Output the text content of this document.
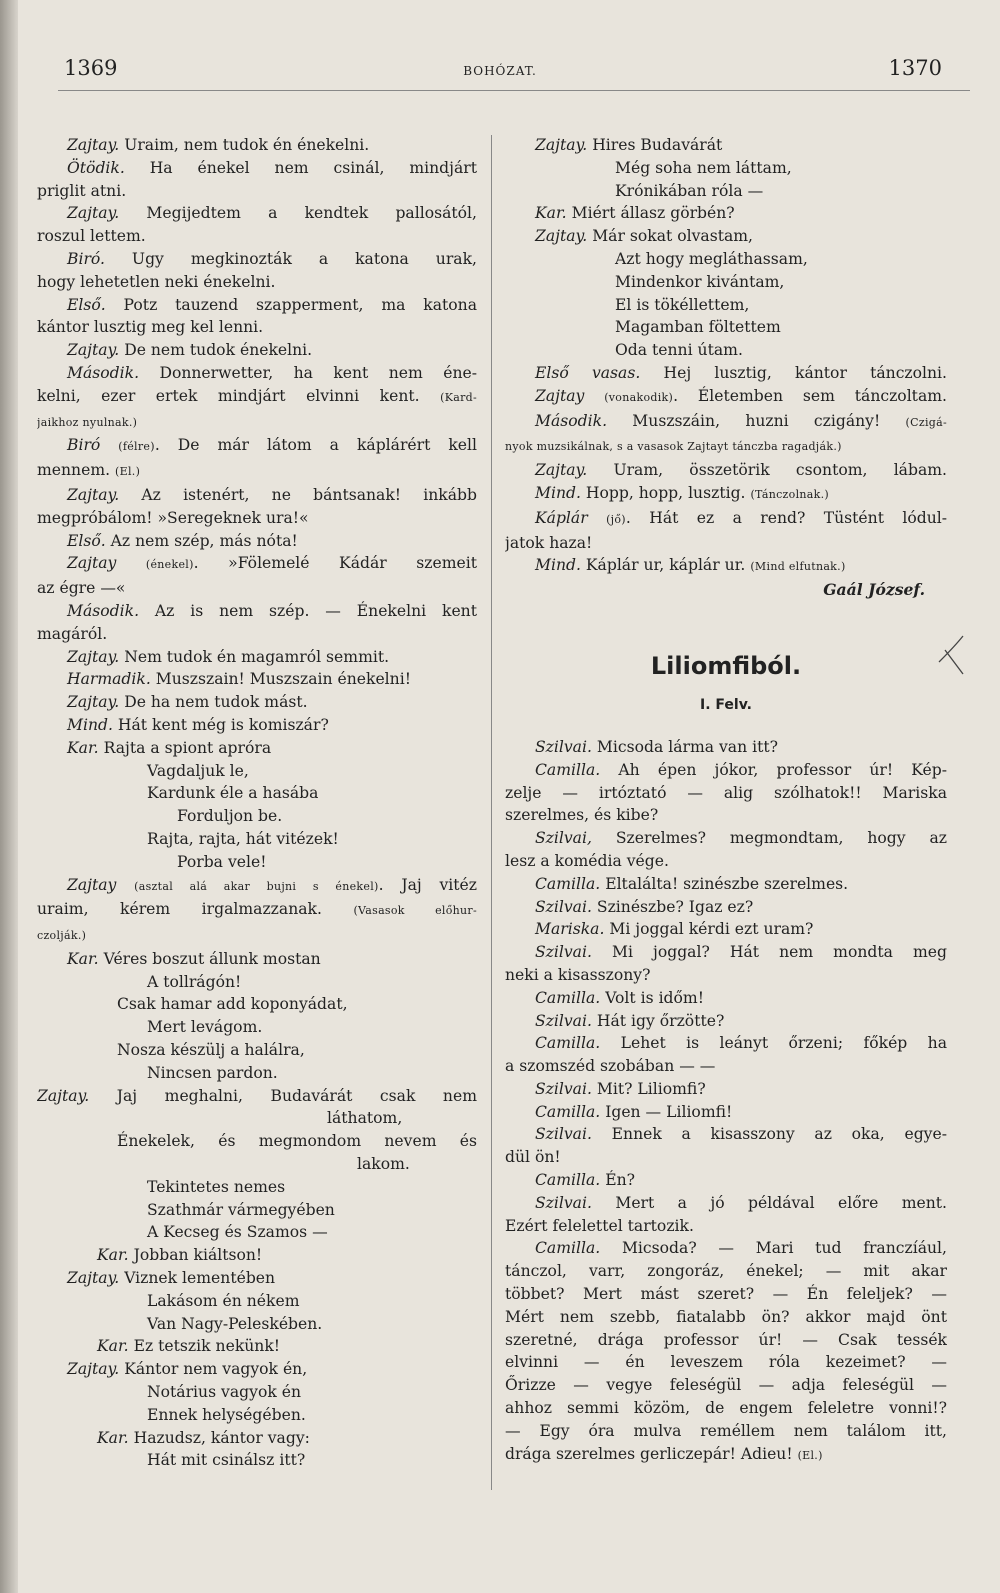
1369	BOHÓZAT.	1370
Zajtay. Uraim, nem tudok én énekelni.
Ötödik. Ha énekel nem csinál, mindjárt
priglit atni.
Zajtay. Megijedtem a kendtek pallosától,
roszul lettem.
Biró. Ugy megkinozták a katona urak,
hogy lehetetlen neki énekelni.
Első. Potz tauzend szapperment, ma katona
kántor lusztig meg kel lenni.
Zajtay. De nem tudok énekelni.
Második. Donnerwetter, ha kent nem éne-
kelni, ezer ertek mindjárt elvinni kent. (Kard-
jaikhoz nyulnak.)
Biró (félre). De már látom a káplárért kell
mennem. (El.)
Zajtay. Az istenért, ne bántsanak! inkább
megpróbálom! »Seregeknek ura!«
Első. Az nem szép, más nóta!
Zajtay	(énekel). »Fölemelé Kádár szemeit
az égre —«
Második. Az is nem szép. — Énekelni kent
magáról.
Zajtay. Nem tudok én magamról semmit.
Harmadik. Muszszain! Muszszain énekelni!
Zajtay. De ha nem tudok mást.
Mind. Hát kent még is komiszár?
Kar. Rajta a spiont apróra
Vagdaljuk le,
Kardunk éle a hasába
Forduljon be.
Rajta, rajta, hát vitézek!
Porba vele!
Zajtay (asztal alá akar bujni s énekel). Jaj vitéz
uraim, kérem irgalmazzanak. (Vasasok előhur-
czolják.)
Kar. Véres boszut állunk mostan
A tollrágón!
Csak hamar add koponyádat,
Mert levágom.
Nosza készülj a halálra,
Nincsen pardon.
Zajtay. Jaj meghalni, Budavárát csak nem
láthatom,
Énekelek, és megmondom nevem és
lakom.
Tekintetes nemes
Szathmár vármegyében
A Kecseg és Szamos —
Kar. Jobban kiáltson!
Zajtay. Viznek lementében
Lakásom én nékem
Van Nagy-Peleskében.
Kar. Ez tetszik nekünk!
Zajtay. Kántor nem vagyok én,
Notárius vagyok én
Ennek helységében.
Kar. Hazudsz, kántor vagy:
Hát mit csinálsz itt?
Zajtay. Hires Budavárát
Még soha nem láttam,
Krónikában róla —
Kar. Miért állasz görbén?
Zajtay. Már sokat olvastam,
Azt hogy megláthassam,
Mindenkor kivántam,
El is tökéllettem,
Magamban föltettem
Oda tenni útam.
Első vasas. Hej lusztig, kántor tánczolni.
Zajtay (vonakodik). Életemben sem tánczoltam.
Második. Muszszáin, huzni czigány! (Czigá-
nyok muzsikálnak, s a vasasok Zajtayt tánczba ragadják.)
Zajtay. Uram, összetörik csontom, lábam.
Mind. Hopp, hopp, lusztig. (Tánczolnak.)
Káplár (jő). Hát ez a rend? Tüstént lódul-
jatok haza!
Mind. Káplár ur, káplár ur. (Mind elfutnak.)
Gaál József.
Liliomfiból.
I. Felv.
Szilvai. Micsoda lárma van itt?
Camilla. Ah épen jókor, professor úr! Kép-
zelje — irtóztató — alig szólhatok!! Mariska
szerelmes, és kibe?
Szilvai, Szerelmes? megmondtam, hogy az
lesz a komédia vége.
Camilla. Eltalálta! szinészbe szerelmes.
Szilvai. Szinészbe? Igaz ez?
Mariska. Mi joggal kérdi ezt uram?
Szilvai. Mi joggal? Hát nem mondta meg
neki a kisasszony?
Camilla. Volt is időm!
Szilvai. Hát igy őrzötte?
Camilla. Lehet is leányt őrzeni; főkép ha
a szomszéd szobában — —
Szilvai. Mit? Liliomfi?
Camilla. Igen — Liliomfi!
Szilvai. Ennek a kisasszony az oka, egye-
dül ön!
Camilla. Én?
Szilvai. Mert a jó példával előre ment.
Ezért felelettel tartozik.
Camilla. Micsoda? — Mari tud franczíául,
tánczol, varr, zongoráz, énekel; — mit akar
többet? Mert mást szeret? — Én feleljek? —
Mért nem szebb, fiatalabb ön? akkor majd önt
szeretné, drága professor úr! — Csak tessék
elvinni — én leveszem róla kezeimet? —
Őrizze — vegye feleségül — adja feleségül —
ahhoz semmi közöm, de engem feleletre vonni!?
— Egy óra mulva reméllem nem találom itt,
drága szerelmes gerliczepár! Adieu! (El.)
